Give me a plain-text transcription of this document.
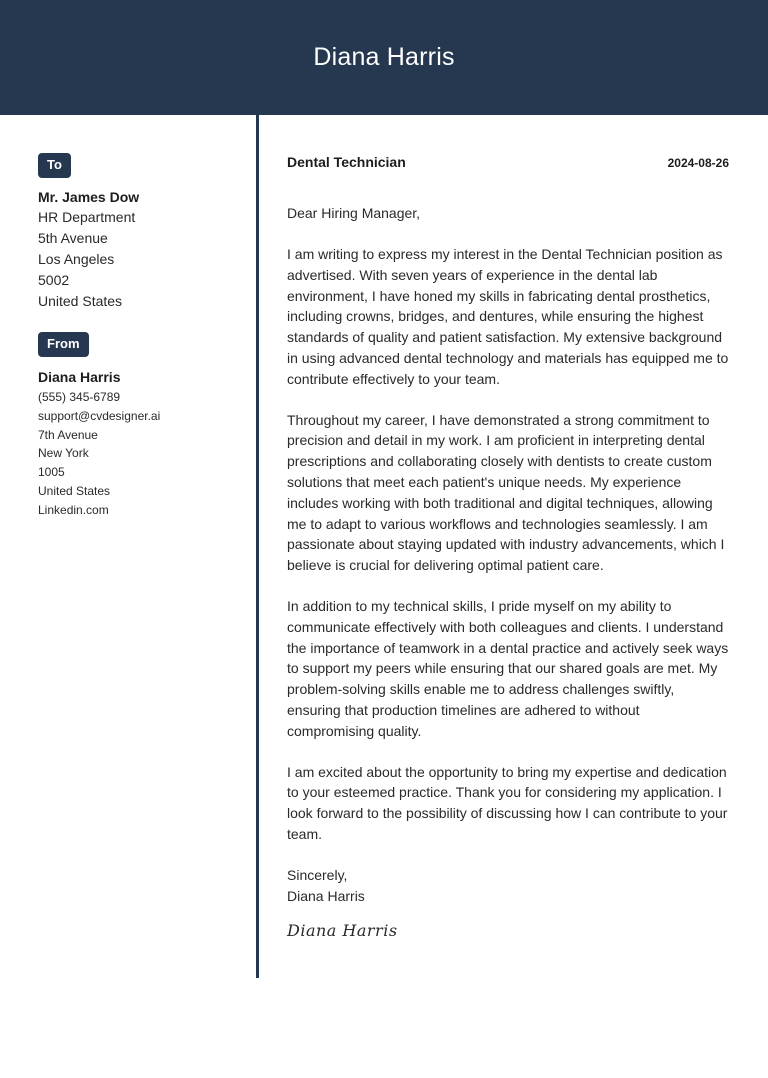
Diana Harris
To
Mr. James Dow
HR Department
5th Avenue
Los Angeles
5002
United States
From
Diana Harris
(555) 345-6789
support@cvdesigner.ai
7th Avenue
New York
1005
United States
Linkedin.com
Dental Technician	2024-08-26

Dear Hiring Manager,

I am writing to express my interest in the Dental Technician position as advertised. With seven years of experience in the dental lab environment, I have honed my skills in fabricating dental prosthetics, including crowns, bridges, and dentures, while ensuring the highest standards of quality and patient satisfaction. My extensive background in using advanced dental technology and materials has equipped me to contribute effectively to your team.

Throughout my career, I have demonstrated a strong commitment to precision and detail in my work. I am proficient in interpreting dental prescriptions and collaborating closely with dentists to create custom solutions that meet each patient's unique needs. My experience includes working with both traditional and digital techniques, allowing me to adapt to various workflows and technologies seamlessly. I am passionate about staying updated with industry advancements, which I believe is crucial for delivering optimal patient care.

In addition to my technical skills, I pride myself on my ability to communicate effectively with both colleagues and clients. I understand the importance of teamwork in a dental practice and actively seek ways to support my peers while ensuring that our shared goals are met. My problem-solving skills enable me to address challenges swiftly, ensuring that production timelines are adhered to without compromising quality.

I am excited about the opportunity to bring my expertise and dedication to your esteemed practice. Thank you for considering my application. I look forward to the possibility of discussing how I can contribute to your team.

Sincerely,
Diana Harris
Diana Harris
